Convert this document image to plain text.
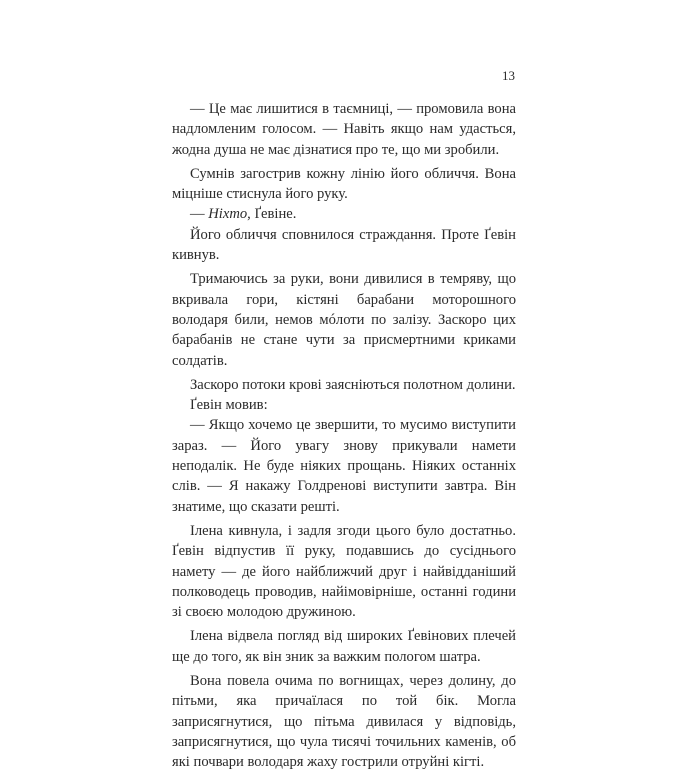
13

— Це має лишитися в таємниці, — промовила вона надломленим голосом. — Навіть якщо нам удасться, жодна душа не має дізнатися про те, що ми зробили.

Сумнів загострив кожну лінію його обличчя. Вона міцніше стиснула його руку.

— Ніхто, Ґевіне.

Його обличчя сповнилося страждання. Проте Ґевін кивнув.

Тримаючись за руки, вони дивилися в темряву, що вкривала гори, кістяні барабани моторошного володаря били, немов мóлоти по залізу. Заскоро цих барабанів не стане чути за присмертними криками солдатів.

Заскоро потоки крові заясніються полотном долини.

Ґевін мовив:

— Якщо хочемо це звершити, то мусимо виступити зараз. — Його увагу знову прикували намети неподалік. Не буде ніяких прощань. Ніяких останніх слів. — Я накажу Голдренові виступити завтра. Він знатиме, що сказати решті.

Ілена кивнула, і задля згоди цього було достатньо. Ґевін відпустив її руку, подавшись до сусіднього намету — де його найближчий друг і найвідданіший полководець проводив, найімовірніше, останні години зі своєю молодою дружиною.

Ілена відвела погляд від широких Ґевінових плечей ще до того, як він зник за важким пологом шатра.

Вона повела очима по вогнищах, через долину, до пітьми, яка причаїлася по той бік. Могла заприсягнутися, що пітьма дивилася у відповідь, заприсягнутися, що чула тисячі точильних каменів, об які почвари володаря жаху гострили отруйні кігті.
